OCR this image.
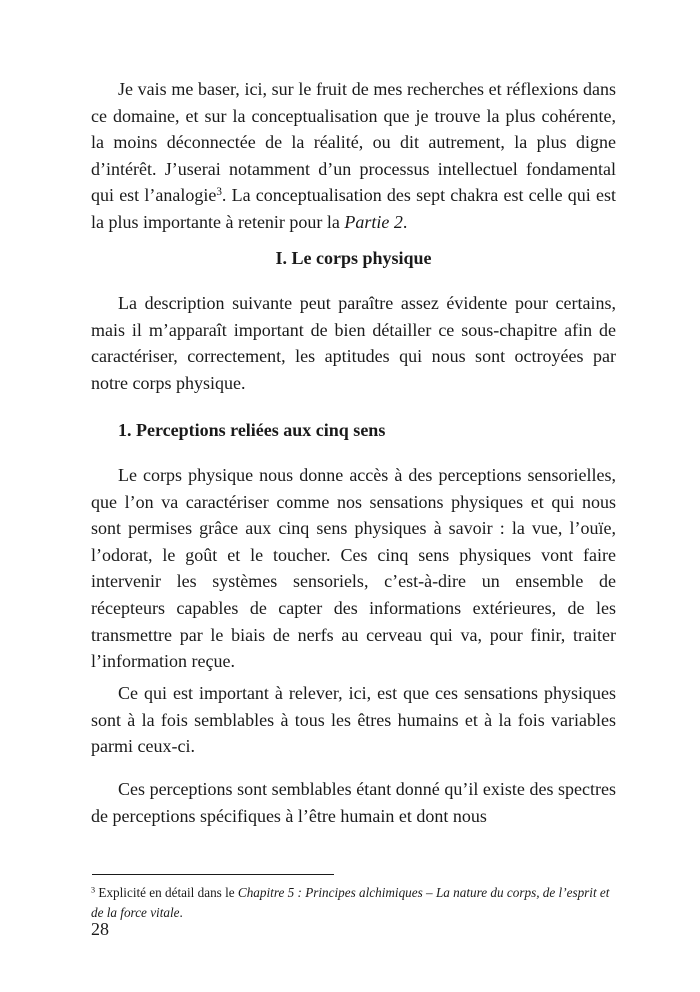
Je vais me baser, ici, sur le fruit de mes recherches et réflexions dans ce domaine, et sur la conceptualisation que je trouve la plus cohérente, la moins déconnectée de la réalité, ou dit autrement, la plus digne d’intérêt. J’userai notamment d’un processus intellectuel fondamental qui est l’analogie$^3$. La conceptualisation des sept chakra est celle qui est la plus importante à retenir pour la Partie 2.

I. Le corps physique

La description suivante peut paraître assez évidente pour certains, mais il m’apparaît important de bien détailler ce sous-chapitre afin de caractériser, correctement, les aptitudes qui nous sont octroyées par notre corps physique.

1. Perceptions reliées aux cinq sens

Le corps physique nous donne accès à des perceptions sensorielles, que l’on va caractériser comme nos sensations physiques et qui nous sont permises grâce aux cinq sens physiques à savoir : la vue, l’ouïe, l’odorat, le goût et le toucher. Ces cinq sens physiques vont faire intervenir les systèmes sensoriels, c’est-à-dire un ensemble de récepteurs capables de capter des informations extérieures, de les transmettre par le biais de nerfs au cerveau qui va, pour finir, traiter l’information reçue.

Ce qui est important à relever, ici, est que ces sensations physiques sont à la fois semblables à tous les êtres humains et à la fois variables parmi ceux-ci.

Ces perceptions sont semblables étant donné qu’il existe des spectres de perceptions spécifiques à l’être humain et dont nous

$^3$ Explicité en détail dans le Chapitre 5 : Principes alchimiques – La nature du corps, de l’esprit et de la force vitale.

28
